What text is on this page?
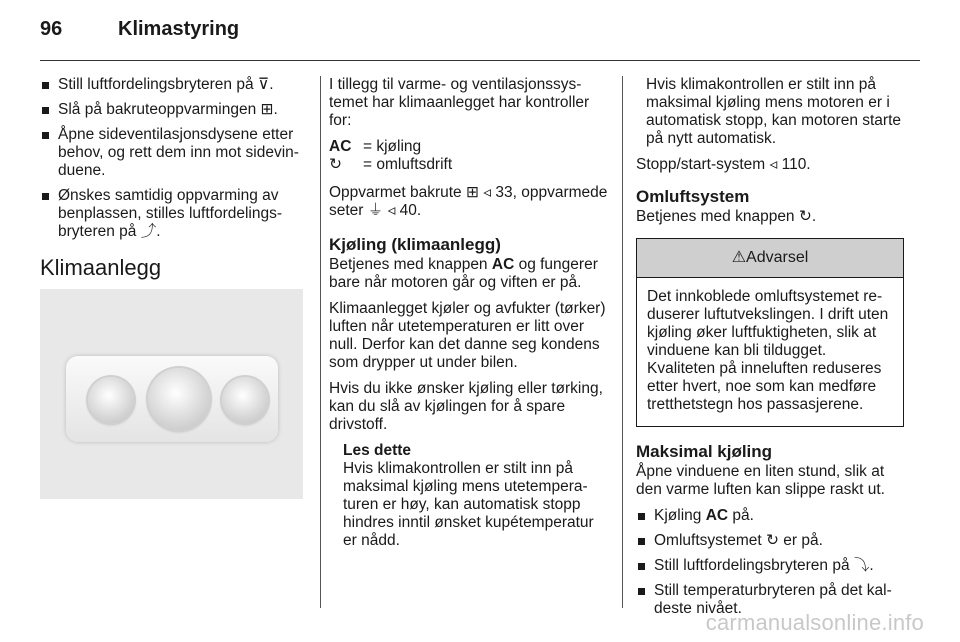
96	Klimastyring
Still luftfordelingsbryteren på ⊽.
Slå på bakruteoppvarmingen ⊞.
Åpne sideventilasjonsdysene etter behov, og rett dem inn mot sidevinduene.
Ønskes samtidig oppvarming av benplassen, stilles luftfordelingsbryteren på ⤴.
Klimaanlegg
I tillegg til varme- og ventilasjonssystemet har klimaanlegget har kontroller for:
AC = kjøling
↻	= omluftsdrift
Oppvarmet bakrute ⊞ ◃ 33, oppvarmede seter ⏚ ◃ 40.
Kjøling (klimaanlegg)
Betjenes med knappen AC og fungerer bare når motoren går og viften er på.
Klimaanlegget kjøler og avfukter (tørker) luften når utetemperaturen er litt over null. Derfor kan det danne seg kondens som drypper ut under bilen.
Hvis du ikke ønsker kjøling eller tørking, kan du slå av kjølingen for å spare drivstoff.
Les dette
Hvis klimakontrollen er stilt inn på maksimal kjøling mens utetemperaturen er høy, kan automatisk stopp hindres inntil ønsket kupétemperatur er nådd.
Hvis klimakontrollen er stilt inn på maksimal kjøling mens motoren er i automatisk stopp, kan motoren starte på nytt automatisk.
Stopp/start-system ◃ 110.
Omluftsystem
Betjenes med knappen ↻.
⚠Advarsel
Det innkoblede omluftsystemet reduserer luftutvekslingen. I drift uten kjøling øker luftfuktigheten, slik at vinduene kan bli tildugget. Kvaliteten på inneluften reduseres etter hvert, noe som kan medføre tretthetstegn hos passasjerene.
Maksimal kjøling
Åpne vinduene en liten stund, slik at den varme luften kan slippe raskt ut.
Kjøling AC på.
Omluftsystemet ↻ er på.
Still luftfordelingsbryteren på ⤵.
Still temperaturbryteren på det kaldeste nivået.
carmanualsonline.info
